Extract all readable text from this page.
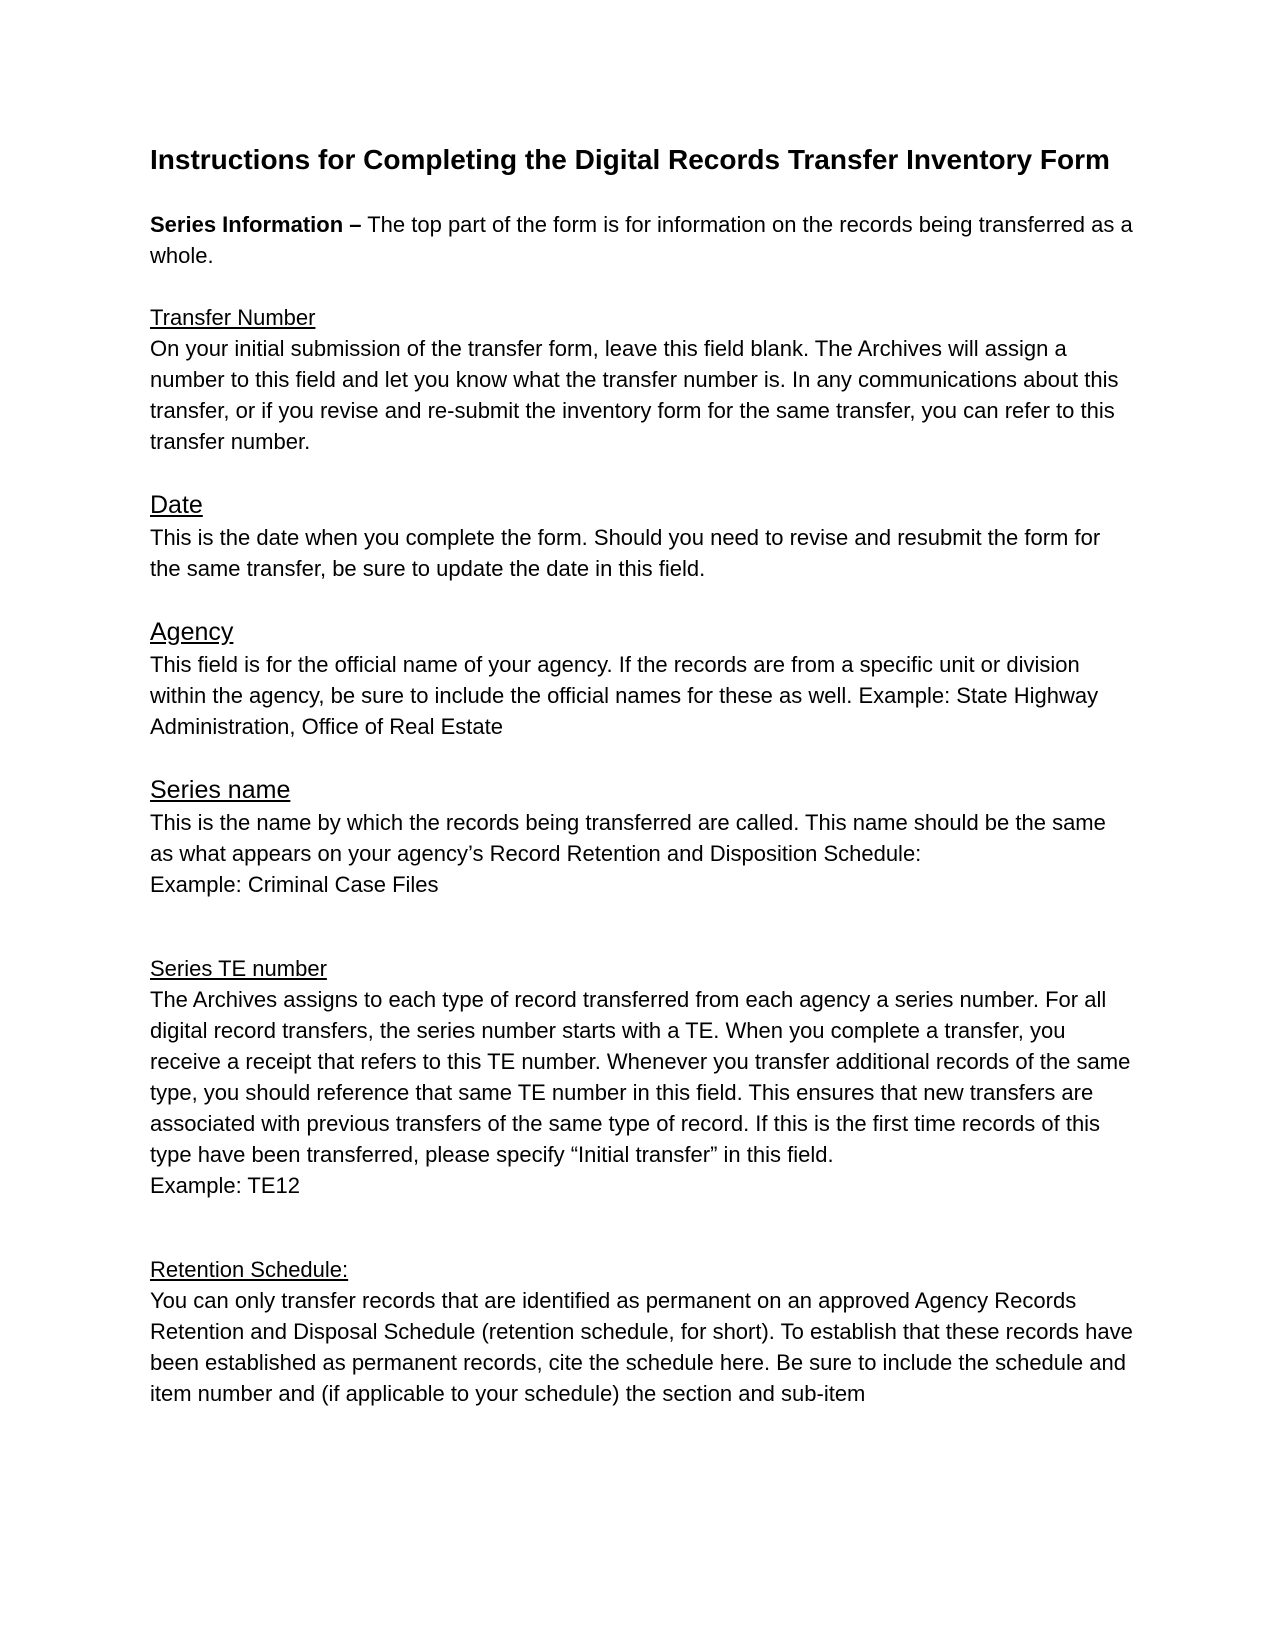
Instructions for Completing the Digital Records Transfer Inventory Form

Series Information – The top part of the form is for information on the records being transferred as a whole.

Transfer Number

On your initial submission of the transfer form, leave this field blank. The Archives will assign a number to this field and let you know what the transfer number is. In any communications about this transfer, or if you revise and re-submit the inventory form for the same transfer, you can refer to this transfer number.

Date

This is the date when you complete the form. Should you need to revise and resubmit the form for the same transfer, be sure to update the date in this field.

Agency

This field is for the official name of your agency. If the records are from a specific unit or division within the agency, be sure to include the official names for these as well. Example: State Highway Administration, Office of Real Estate

Series name

This is the name by which the records being transferred are called. This name should be the same as what appears on your agency’s Record Retention and Disposition Schedule:

Example: Criminal Case Files

Series TE number

The Archives assigns to each type of record transferred from each agency a series number. For all digital record transfers, the series number starts with a TE. When you complete a transfer, you receive a receipt that refers to this TE number. Whenever you transfer additional records of the same type, you should reference that same TE number in this field. This ensures that new transfers are associated with previous transfers of the same type of record. If this is the first time records of this type have been transferred, please specify “Initial transfer” in this field.

Example: TE12

Retention Schedule:

You can only transfer records that are identified as permanent on an approved Agency Records Retention and Disposal Schedule (retention schedule, for short). To establish that these records have been established as permanent records, cite the schedule here. Be sure to include the schedule and item number and (if applicable to your schedule) the section and sub-item
